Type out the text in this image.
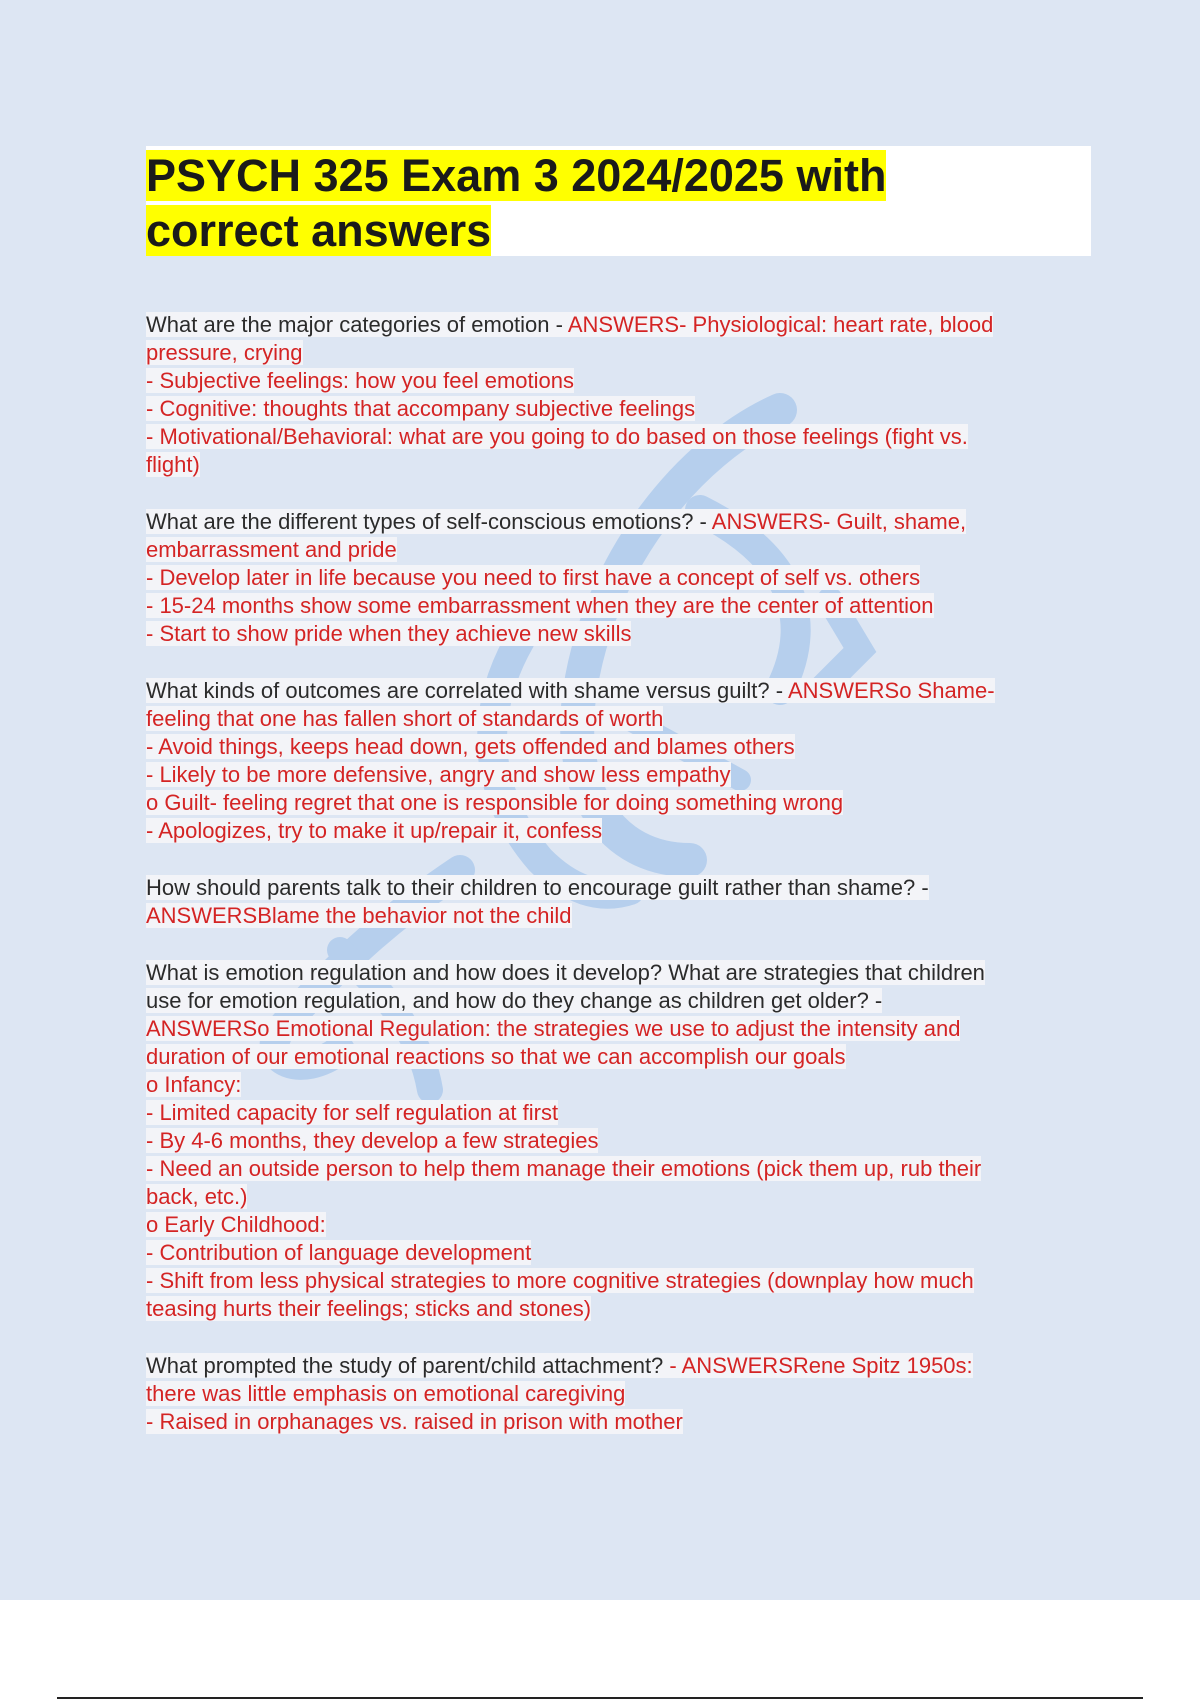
PSYCH 325 Exam 3 2024/2025 with
correct answers

What are the major categories of emotion - ANSWERS- Physiological: heart rate, blood
pressure, crying
- Subjective feelings: how you feel emotions
- Cognitive: thoughts that accompany subjective feelings
- Motivational/Behavioral: what are you going to do based on those feelings (fight vs.
flight)

What are the different types of self-conscious emotions? - ANSWERS- Guilt, shame,
embarrassment and pride
- Develop later in life because you need to first have a concept of self vs. others
- 15-24 months show some embarrassment when they are the center of attention
- Start to show pride when they achieve new skills

What kinds of outcomes are correlated with shame versus guilt? - ANSWERSo Shame-
feeling that one has fallen short of standards of worth
- Avoid things, keeps head down, gets offended and blames others
- Likely to be more defensive, angry and show less empathy
o Guilt- feeling regret that one is responsible for doing something wrong
- Apologizes, try to make it up/repair it, confess

How should parents talk to their children to encourage guilt rather than shame? -
ANSWERSBlame the behavior not the child

What is emotion regulation and how does it develop? What are strategies that children
use for emotion regulation, and how do they change as children get older? -
ANSWERSo Emotional Regulation: the strategies we use to adjust the intensity and
duration of our emotional reactions so that we can accomplish our goals
o Infancy:
- Limited capacity for self regulation at first
- By 4-6 months, they develop a few strategies
- Need an outside person to help them manage their emotions (pick them up, rub their
back, etc.)
o Early Childhood:
- Contribution of language development
- Shift from less physical strategies to more cognitive strategies (downplay how much
teasing hurts their feelings; sticks and stones)

What prompted the study of parent/child attachment? - ANSWERSRene Spitz 1950s:
there was little emphasis on emotional caregiving
- Raised in orphanages vs. raised in prison with mother
